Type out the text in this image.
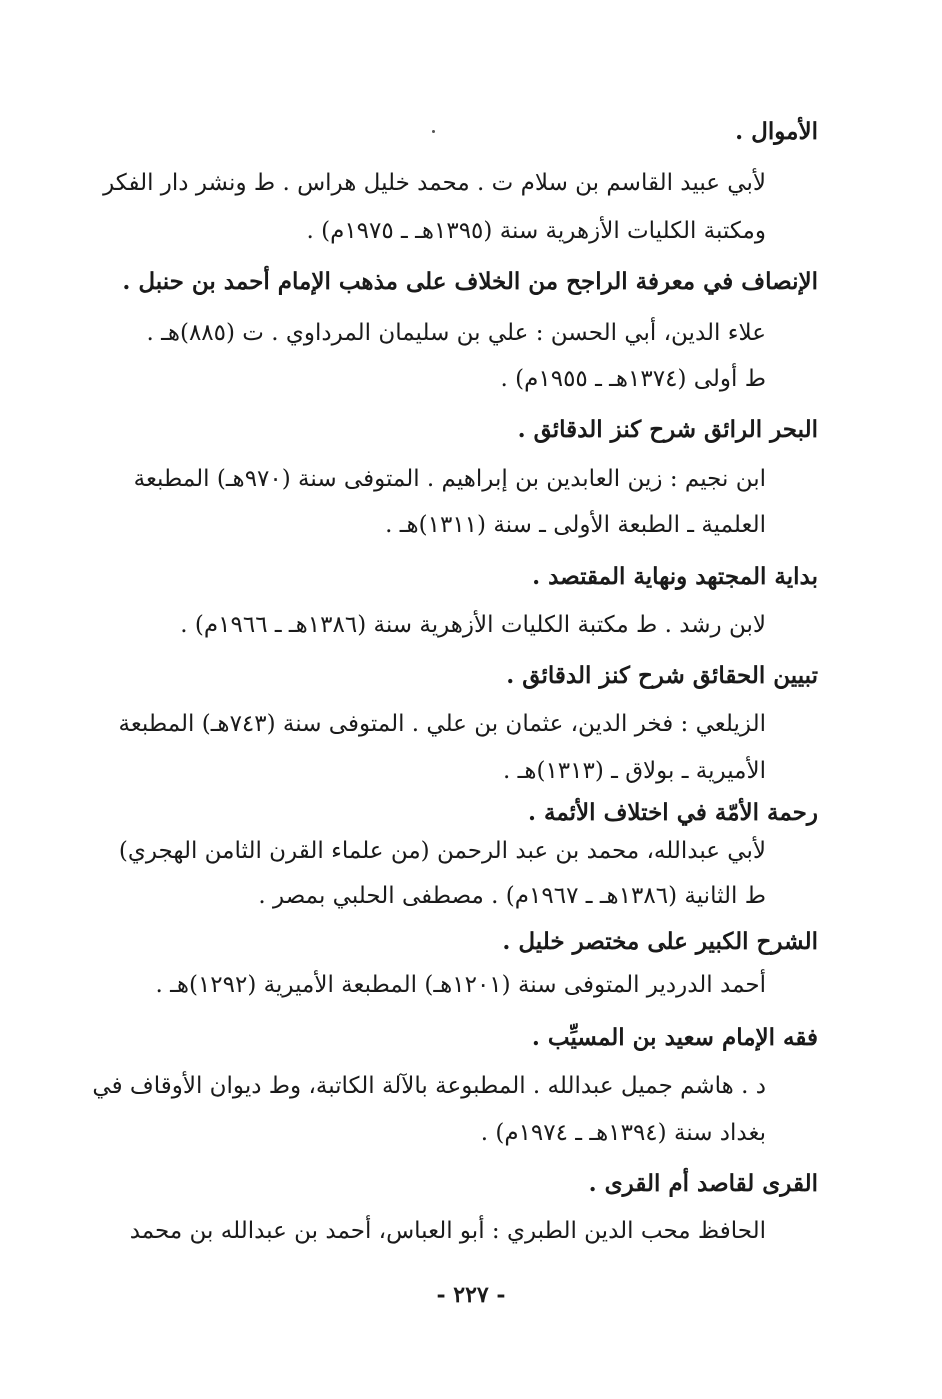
الأموال .
لأبي عبيد القاسم بن سلام ت . محمد خليل هراس . ط ونشر دار الفكر
ومكتبة الكليات الأزهرية سنة (١٣٩٥هـ ـ ١٩٧٥م) .
الإنصاف في معرفة الراجح من الخلاف على مذهب الإمام أحمد بن حنبل .
علاء الدين، أبي الحسن : علي بن سليمان المرداوي . ت (٨٨٥)هـ .
ط أولى (١٣٧٤هـ ـ ١٩٥٥م) .
البحر الرائق شرح كنز الدقائق .
ابن نجيم : زين العابدين بن إبراهيم . المتوفى سنة (٩٧٠هـ) المطبعة
العلمية ـ الطبعة الأولى ـ سنة (١٣١١)هـ .
بداية المجتهد ونهاية المقتصد .
لابن رشد . ط مكتبة الكليات الأزهرية سنة (١٣٨٦هـ ـ ١٩٦٦م) .
تبيين الحقائق شرح كنز الدقائق .
الزيلعي : فخر الدين، عثمان بن علي . المتوفى سنة (٧٤٣هـ) المطبعة
الأميرية ـ بولاق ـ (١٣١٣)هـ .
رحمة الأمّة في اختلاف الأئمة .
لأبي عبدالله، محمد بن عبد الرحمن (من علماء القرن الثامن الهجري)
ط الثانية (١٣٨٦هـ ـ ١٩٦٧م) . مصطفى الحلبي بمصر .
الشرح الكبير على مختصر خليل .
أحمد الدردير المتوفى سنة (١٢٠١هـ) المطبعة الأميرية (١٢٩٢)هـ .
فقه الإمام سعيد بن المسيِّب .
د . هاشم جميل عبدالله . المطبوعة بالآلة الكاتبة، وط ديوان الأوقاف في
بغداد سنة (١٣٩٤هـ ـ ١٩٧٤م) .
القرى لقاصد أم القرى .
الحافظ محب الدين الطبري : أبو العباس، أحمد بن عبدالله بن محمد
- ٢٢٧ -
